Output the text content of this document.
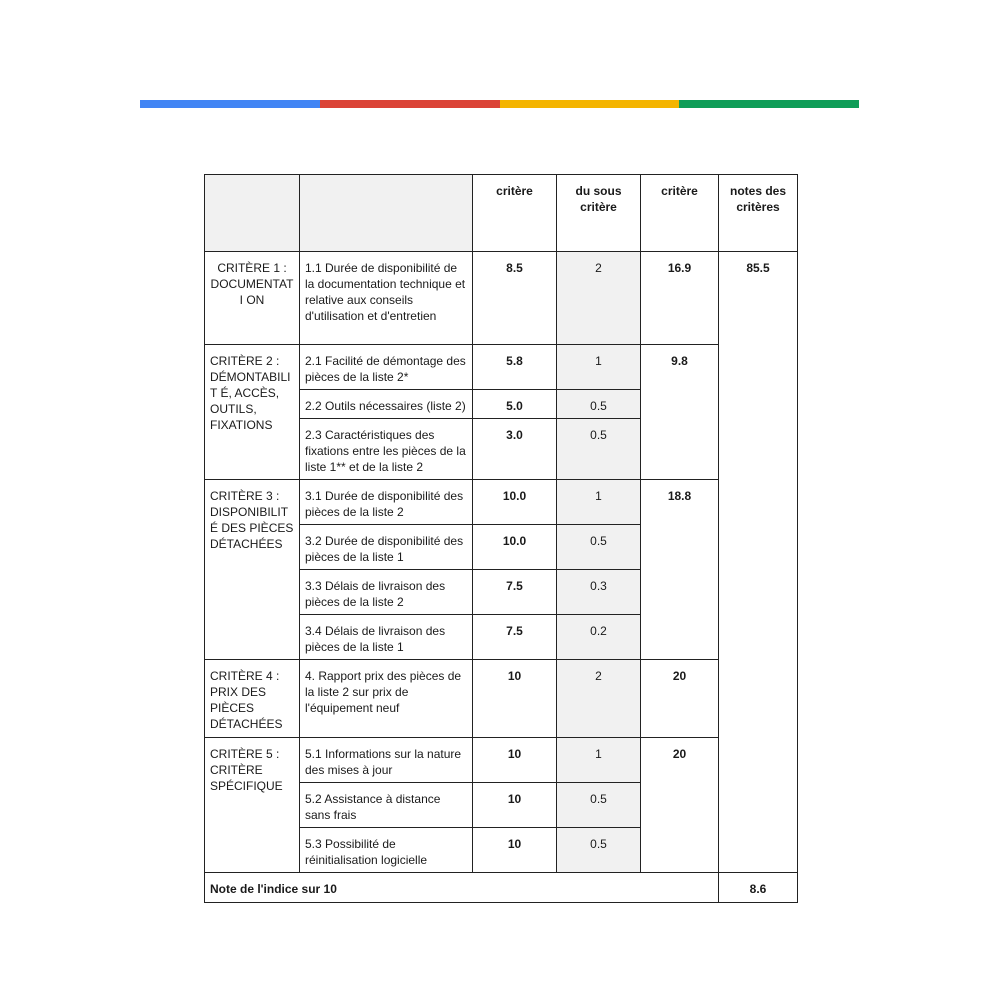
		critère	du sous critère	critère	notes des critères
CRITÈRE 1 : DOCUMENTATI ON	1.1 Durée de disponibilité de la documentation technique et relative aux conseils d'utilisation et d'entretien	8.5	2	16.9	85.5
CRITÈRE 2 : DÉMONTABILIT É, ACCÈS, OUTILS, FIXATIONS	2.1 Facilité de démontage des pièces de la liste 2*	5.8	1	9.8	
	2.2 Outils nécessaires (liste 2)	5.0	0.5		
	2.3 Caractéristiques des fixations entre les pièces de la liste 1** et de la liste 2	3.0	0.5		
CRITÈRE 3 : DISPONIBILITÉ DES PIÈCES DÉTACHÉES	3.1 Durée de disponibilité des pièces de la liste 2	10.0	1	18.8	
	3.2 Durée de disponibilité des pièces de la liste 1	10.0	0.5		
	3.3 Délais de livraison des pièces de la liste 2	7.5	0.3		
	3.4 Délais de livraison des pièces de la liste 1	7.5	0.2		
CRITÈRE 4 : PRIX DES PIÈCES DÉTACHÉES	4. Rapport prix des pièces de la liste 2 sur prix de l'équipement neuf	10	2	20	
CRITÈRE 5 : CRITÈRE SPÉCIFIQUE	5.1 Informations sur la nature des mises à jour	10	1	20	
	5.2 Assistance à distance sans frais	10	0.5		
	5.3 Possibilité de réinitialisation logicielle	10	0.5		
Note de l'indice sur 10					8.6
